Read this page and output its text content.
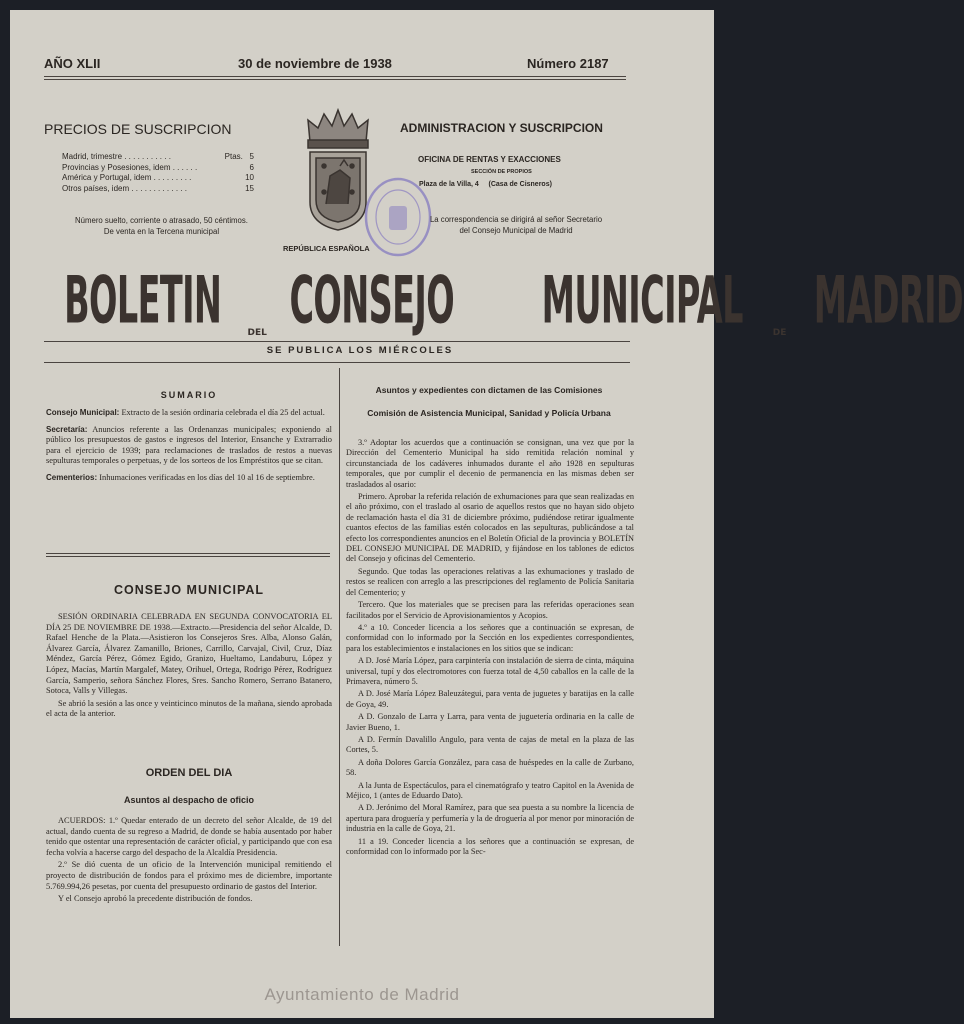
AÑO XLII	30 de noviembre de 1938	Número 2187
PRECIOS DE SUSCRIPCION
Madrid, trimestre . . . . . . . . . . .	Ptas. 5
Provincias y Posesiones, idem . . . . . .	6
América y Portugal, idem . . . . . . . . .	10
Otros países, idem . . . . . . . . . . . . .	15
Número suelto, corriente o atrasado, 50 céntimos.
De venta en la Tercena municipal
REPÚBLICA ESPAÑOLA
ADMINISTRACION Y SUSCRIPCION
OFICINA DE RENTAS Y EXACCIONES
SECCIÓN DE PROPIOS
Plaza de la Villa, 4     (Casa de Cisneros)
La correspondencia se dirigirá al señor Secretario
del Consejo Municipal de Madrid
BOLETIN	DEL CONSEJO MUNICIPAL	DE MADRID
SE PUBLICA LOS MIÉRCOLES
SUMARIO
Consejo Municipal: Extracto de la sesión ordinaria celebrada el día 25 del actual.
Secretaría: Anuncios referente a las Ordenanzas municipales; exponiendo al público los presupuestos de gastos e ingresos del Interior, Ensanche y Extrarradio para el ejercicio de 1939; para reclamaciones de traslados de restos a nuevas sepulturas temporales o perpetuas, y de los sorteos de los Empréstitos que se citan.
Cementerios: Inhumaciones verificadas en los días del 10 al 16 de septiembre.
CONSEJO MUNICIPAL

SESIÓN ORDINARIA CELEBRADA EN SEGUNDA CONVOCATORIA EL DÍA 25 DE NOVIEMBRE DE 1938.—Extracto.—Presidencia del señor Alcalde, D. Rafael Henche de la Plata.—Asistieron los Consejeros Sres. Alba, Alonso Galán, Álvarez García, Álvarez Zamanillo, Briones, Carrillo, Carvajal, Civil, Cruz, Díaz Méndez, García Pérez, Gómez Egido, Granizo, Hueltamo, Landaburu, López y López, Macías, Martín Margalef, Matey, Orihuel, Ortega, Rodrigo Pérez, Rodríguez García, Samperio, señora Sánchez Flores, Sres. Sancho Romero, Serrano Batanero, Sotoca, Valls y Villegas.

Se abrió la sesión a las once y veinticinco minutos de la mañana, siendo aprobada el acta de la anterior.

ORDEN DEL DIA
Asuntos al despacho de oficio

ACUERDOS: 1.º Quedar enterado de un decreto del señor Alcalde, de 19 del actual, dando cuenta de su regreso a Madrid, de donde se había ausentado por haber tenido que ostentar una representación de carácter oficial, y participando que con esa fecha volvía a hacerse cargo del despacho de la Alcaldía Presidencia.

2.º Se dió cuenta de un oficio de la Intervención municipal remitiendo el proyecto de distribución de fondos para el próximo mes de diciembre, importante 5.769.994,26 pesetas, por cuenta del presupuesto ordinario de gastos del Interior.

Y el Consejo aprobó la precedente distribución de fondos.

Asuntos y expedientes con dictamen de las Comisiones
Comisión de Asistencia Municipal, Sanidad y Policía Urbana

3.º Adoptar los acuerdos que a continuación se consignan, una vez que por la Dirección del Cementerio Municipal ha sido remitida relación nominal y circunstanciada de los cadáveres inhumados durante el año 1928 en sepulturas temporales, que por cumplir el decenio de permanencia en las mismas deben ser trasladados al osario:

Primero. Aprobar la referida relación de exhumaciones para que sean realizadas en el año próximo, con el traslado al osario de aquellos restos que no hayan sido objeto de reclamación hasta el día 31 de diciembre próximo, pudiéndose retirar igualmente cuantos efectos de las familias estén colocados en las sepulturas, publicándose a tal efecto los correspondientes anuncios en el Boletín Oficial de la provincia y BOLETÍN DEL CONSEJO MUNICIPAL DE MADRID, y fijándose en los tablones de edictos del Consejo y oficinas del Cementerio.

Segundo. Que todas las operaciones relativas a las exhumaciones y traslado de restos se realicen con arreglo a las prescripciones del reglamento de Policía Sanitaria del Cementerio; y

Tercero. Que los materiales que se precisen para las referidas operaciones sean facilitados por el Servicio de Aprovisionamientos y Acopios.

4.º a 10. Conceder licencia a los señores que a continuación se expresan, de conformidad con lo informado por la Sección en los expedientes correspondientes, para los establecimientos e instalaciones en los sitios que se indican:

A D. José María López, para carpintería con instalación de sierra de cinta, máquina universal, tupí y dos electromotores con fuerza total de 4,50 caballos en la calle de la Primavera, número 5.

A D. José María López Baleuzátegui, para venta de juguetes y baratijas en la calle de Goya, 49.

A D. Gonzalo de Larra y Larra, para venta de juguetería ordinaria en la calle de Javier Bueno, 1.

A D. Fermín Davalillo Angulo, para venta de cajas de metal en la plaza de las Cortes, 5.

A doña Dolores García González, para casa de huéspedes en la calle de Zurbano, 58.

A la Junta de Espectáculos, para el cinematógrafo y teatro Capitol en la Avenida de Méjico, 1 (antes de Eduardo Dato).

A D. Jerónimo del Moral Ramírez, para que sea puesta a su nombre la licencia de apertura para droguería y perfumería y la de droguería al por menor por minoración de industria en la calle de Goya, 21.

11 a 19. Conceder licencia a los señores que a continuación se expresan, de conformidad con lo informado por la Sec-

Ayuntamiento de Madrid
